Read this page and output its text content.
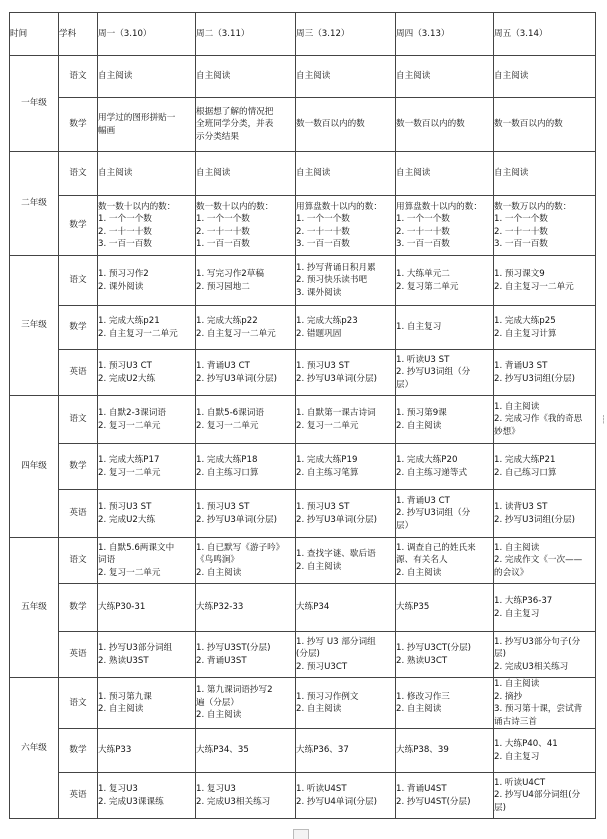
时间	学科	周一（3.10）	周二（3.11）	周三（3.12）	周四（3.13）	周五（3.14）
一年级	语文	自主阅读	自主阅读	自主阅读	自主阅读	自主阅读

	数学	用学过的图形拼贴一
幅画	根据想了解的情况把
全班同学分类，并表
示分类结果	数一数百以内的数	数一数百以内的数	数一数百以内的数

二年级	语文	自主阅读	自主阅读	自主阅读	自主阅读	自主阅读

	数学	数一数十以内的数：
1. 一个一个数
2. 一十一十数
3. 一百一百数	数一数十以内的数：
1. 一个一个数
2. 一十一十数
1. 一百一百数	用算盘数十以内的数：
1. 一个一个数
2. 一十一十数
3. 一百一百数	用算盘数十以内的数：
1. 一个一个数
2. 一十一十数
3. 一百一百数	数一数万以内的数：
1. 一个一个数
2. 一十一十数
3. 一百一百数

三年级	语文	1. 预习习作2
2. 课外阅读	1. 写完习作2草稿
2. 预习园地二	1. 抄写背诵日积月累
2. 预习快乐读书吧
3. 课外阅读	1. 大练单元二
2. 复习第二单元	1. 预习课文9
2. 自主复习一二单元

	数学	1. 完成大练p21
2. 自主复习一二单元	1. 完成大练p22
2. 自主复习一二单元	1. 完成大练p23
2. 错题巩固	1. 自主复习	1. 完成大练p25
2. 自主复习计算

	英语	1. 预习U3 CT
2. 完成U2大练	1. 背诵U3 CT
2. 抄写U3单词(分层)	1. 预习U3 ST
2. 抄写U3单词(分层)	1. 听读U3 ST
2. 抄写U3词组（分
层）	1. 背诵U3 ST
2. 抄写U3词组(分层)

四年级	语文	1. 自默2-3课词语
2. 复习一二单元	1. 自默5-6课词语
2. 复习一二单元	1. 自默第一课古诗词
2. 复习一二单元	1. 预习第9课
2. 自主阅读	1. 自主阅读
2. 完成习作《我的奇思
妙想》

	数学	1. 完成大练P17
2. 复习一二单元	1. 完成大练P18
2. 自主练习口算	1. 完成大练P19
2. 自主练习笔算	1. 完成大练P20
2. 自主练习递等式	1. 完成大练P21
2. 自己练习口算

	英语	1. 预习U3 ST
2. 完成U2大练	1. 预习U3 ST
2. 抄写U3单词(分层)	1. 预习U3 ST
2. 抄写U3单词(分层)	1. 背诵U3 CT
2. 抄写U3词组（分
层）	1. 读背U3 ST
2. 抄写U3词组(分层)

五年级	语文	1. 自默5.6两课文中
词语
2. 复习一二单元	1. 自已默写《游子吟》
《鸟鸣涧》
2. 自主阅读	1. 查找字谜、歇后语
2. 自主阅读	1. 调查自己的姓氏来
源、有关名人
2. 自主阅读	1. 自主阅读
2. 完成作文《一次——
的会议》

	数学	大练P30-31	大练P32-33	大练P34	大练P35	1. 大练P36-37
2. 自主复习

	英语	1. 抄写U3部分词组
2. 熟读U3ST	1. 抄写U3ST(分层)
2. 背诵U3ST	1. 抄写 U3 部分词组
(分层)
2. 预习U3CT	1. 抄写U3CT(分层)
2. 熟读U3CT	1. 抄写U3部分句子(分
层)
2. 完成U3相关练习

六年级	语文	1. 预习第九课
2. 自主阅读	1. 第九课词语抄写2
遍（分层）
2. 自主阅读	1. 预习习作例文
2. 自主阅读	1. 修改习作三
2. 自主阅读	1. 自主阅读
2. 摘抄
3. 预习第十课，尝试背
诵古诗三首

	数学	大练P33	大练P34、35	大练P36、37	大练P38、39	1. 大练P40、41
2. 自主复习

	英语	1. 复习U3
2. 完成U3课课练	1. 复习U3
2. 完成U3相关练习	1. 听读U4ST
2. 抄写U4单词(分层)	1. 背诵U4ST
2. 抄写U4ST(分层)	1. 听读U4CT
2. 抄写U4部分词组(分
层)
┆
